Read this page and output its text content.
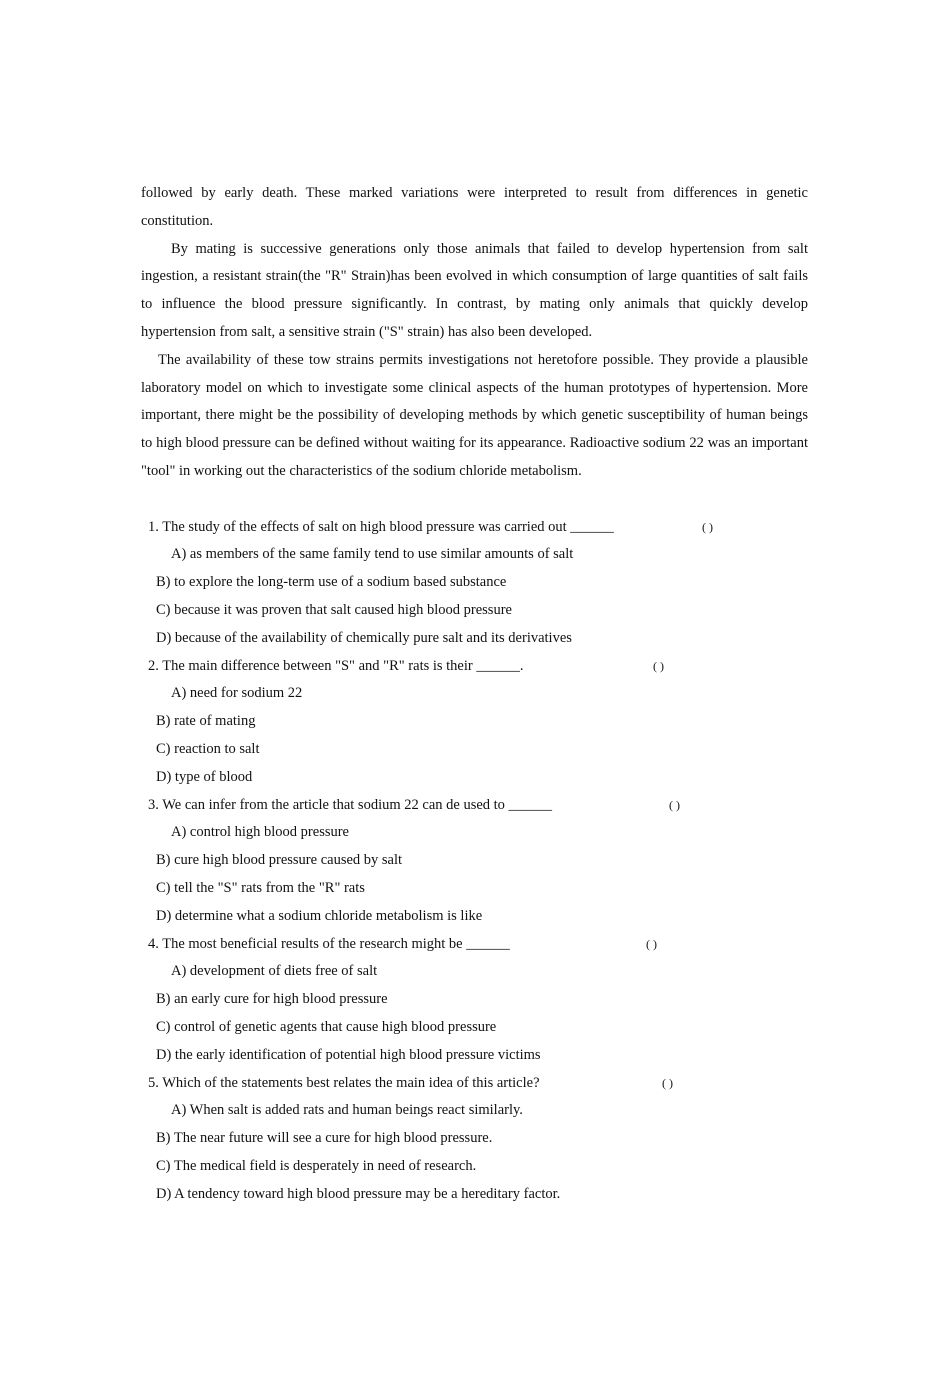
followed by early death. These marked variations were interpreted to result from differences in genetic constitution.

By mating is successive generations only those animals that failed to develop hypertension from salt ingestion, a resistant strain(the "R" Strain)has been evolved in which consumption of large quantities of salt fails to influence the blood pressure significantly. In contrast, by mating only animals that quickly develop hypertension from salt, a sensitive strain ("S" strain) has also been developed.

The availability of these tow strains permits investigations not heretofore possible. They provide a plausible laboratory model on which to investigate some clinical aspects of the human prototypes of hypertension. More important, there might be the possibility of developing methods by which genetic susceptibility of human beings to high blood pressure can be defined without waiting for its appearance. Radioactive sodium 22 was an important "tool" in working out the characteristics of the sodium chloride metabolism.

1. The study of the effects of salt on high blood pressure was carried out ______	( )
A) as members of the same family tend to use similar amounts of salt
B) to explore the long-term use of a sodium based substance
C) because it was proven that salt caused high blood pressure
D) because of the availability of chemically pure salt and its derivatives
2. The main difference between "S" and "R" rats is their ______.	( )
A) need for sodium 22
B) rate of mating
C) reaction to salt
D) type of blood
3. We can infer from the article that sodium 22 can de used to ______	( )
A) control high blood pressure
B) cure high blood pressure caused by salt
C) tell the "S" rats from the "R" rats
D) determine what a sodium chloride metabolism is like
4. The most beneficial results of the research might be ______	( )
A) development of diets free of salt
B) an early cure for high blood pressure
C) control of genetic agents that cause high blood pressure
D) the early identification of potential high blood pressure victims
5. Which of the statements best relates the main idea of this article?	( )
A) When salt is added rats and human beings react similarly.
B) The near future will see a cure for high blood pressure.
C) The medical field is desperately in need of research.
D) A tendency toward high blood pressure may be a hereditary factor.
